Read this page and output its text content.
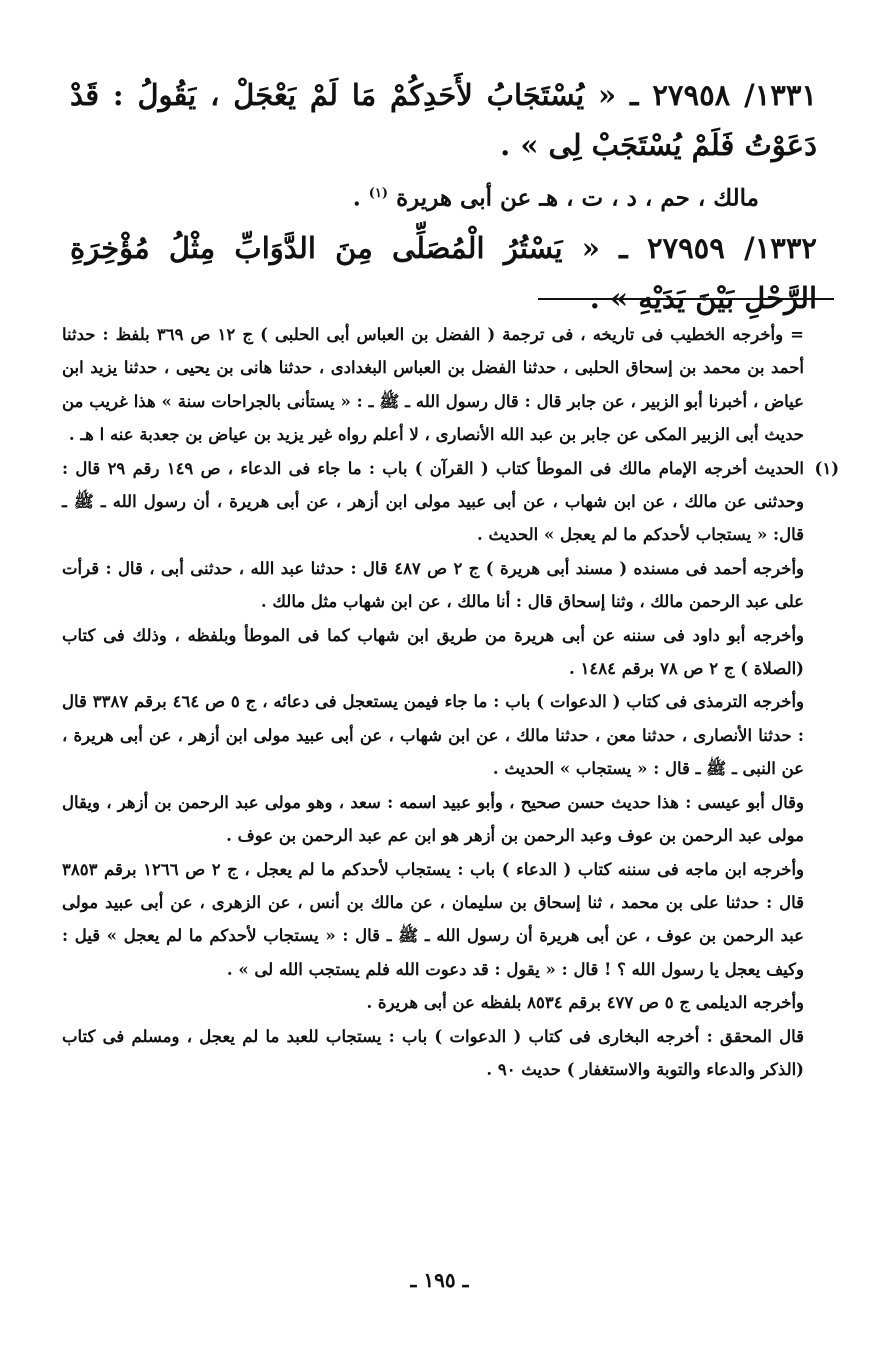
١٣٣١/ ٢٧٩٥٨ ـ « يُسْتَجَابُ لأَحَدِكُمْ مَا لَمْ يَعْجَلْ ، يَقُولُ : قَدْ دَعَوْتُ فَلَمْ يُسْتَجَبْ لِى » .

مالك ، حم ، د ، ت ، هـ عن أبى هريرة $^{(١)}$ .

١٣٣٢/ ٢٧٩٥٩ ـ « يَسْتُرُ الْمُصَلِّى مِنَ الدَّوَابِّ مِثْلُ مُؤْخِرَةِ الرَّحْلِ بَيْنَ يَدَيْهِ » .

= وأخرجه الخطيب فى تاريخه ، فى ترجمة ( الفضل بن العباس أبى الحلبى ) ج ١٢ ص ٣٦٩ بلفظ : حدثنا أحمد بن محمد بن إسحاق الحلبى ، حدثنا الفضل بن العباس البغدادى ، حدثنا هانى بن يحيى ، حدثنا يزيد ابن عياض ، أخبرنا أبو الزبير ، عن جابر قال : قال رسول الله ـ ﷺ ـ : « يستأنى بالجراحات سنة » هذا غريب من حديث أبى الزبير المكى عن جابر بن عبد الله الأنصارى ، لا أعلم رواه غير يزيد بن عياض بن جعدبة عنه ا هـ .

(١)
الحديث أخرجه الإمام مالك فى الموطأ كتاب ( القرآن ) باب : ما جاء فى الدعاء ، ص ١٤٩ رقم ٢٩ قال : وحدثنى عن مالك ، عن ابن شهاب ، عن أبى عبيد مولى ابن أزهر ، عن أبى هريرة ، أن رسول الله ـ ﷺ ـ قال: « يستجاب لأحدكم ما لم يعجل » الحديث .

وأخرجه أحمد فى مسنده ( مسند أبى هريرة ) ج ٢ ص ٤٨٧ قال : حدثنا عبد الله ، حدثنى أبى ، قال : قرأت على عبد الرحمن مالك ، وثنا إسحاق قال : أنا مالك ، عن ابن شهاب مثل مالك .

وأخرجه أبو داود فى سننه عن أبى هريرة من طريق ابن شهاب كما فى الموطأ وبلفظه ، وذلك فى كتاب (الصلاة ) ج ٢ ص ٧٨ برقم ١٤٨٤ .

وأخرجه الترمذى فى كتاب ( الدعوات ) باب : ما جاء فيمن يستعجل فى دعائه ، ج ٥ ص ٤٦٤ برقم ٣٣٨٧ قال : حدثنا الأنصارى ، حدثنا معن ، حدثنا مالك ، عن ابن شهاب ، عن أبى عبيد مولى ابن أزهر ، عن أبى هريرة ، عن النبى ـ ﷺ ـ قال : « يستجاب » الحديث .

وقال أبو عيسى : هذا حديث حسن صحيح ، وأبو عبيد اسمه : سعد ، وهو مولى عبد الرحمن بن أزهر ، ويقال مولى عبد الرحمن بن عوف وعبد الرحمن بن أزهر هو ابن عم عبد الرحمن بن عوف .

وأخرجه ابن ماجه فى سننه كتاب ( الدعاء ) باب : يستجاب لأحدكم ما لم يعجل ، ج ٢ ص ١٢٦٦ برقم ٣٨٥٣ قال : حدثنا على بن محمد ، ثنا إسحاق بن سليمان ، عن مالك بن أنس ، عن الزهرى ، عن أبى عبيد مولى عبد الرحمن بن عوف ، عن أبى هريرة أن رسول الله ـ ﷺ ـ قال : « يستجاب لأحدكم ما لم يعجل » قيل : وكيف يعجل يا رسول الله ؟ ! قال : « يقول : قد دعوت الله فلم يستجب الله لى » .

وأخرجه الديلمى ج ٥ ص ٤٧٧ برقم ٨٥٣٤ بلفظه عن أبى هريرة .

قال المحقق : أخرجه البخارى فى كتاب ( الدعوات ) باب : يستجاب للعبد ما لم يعجل ، ومسلم فى كتاب (الذكر والدعاء والتوبة والاستغفار ) حديث ٩٠ .

ـ ١٩٥ ـ
